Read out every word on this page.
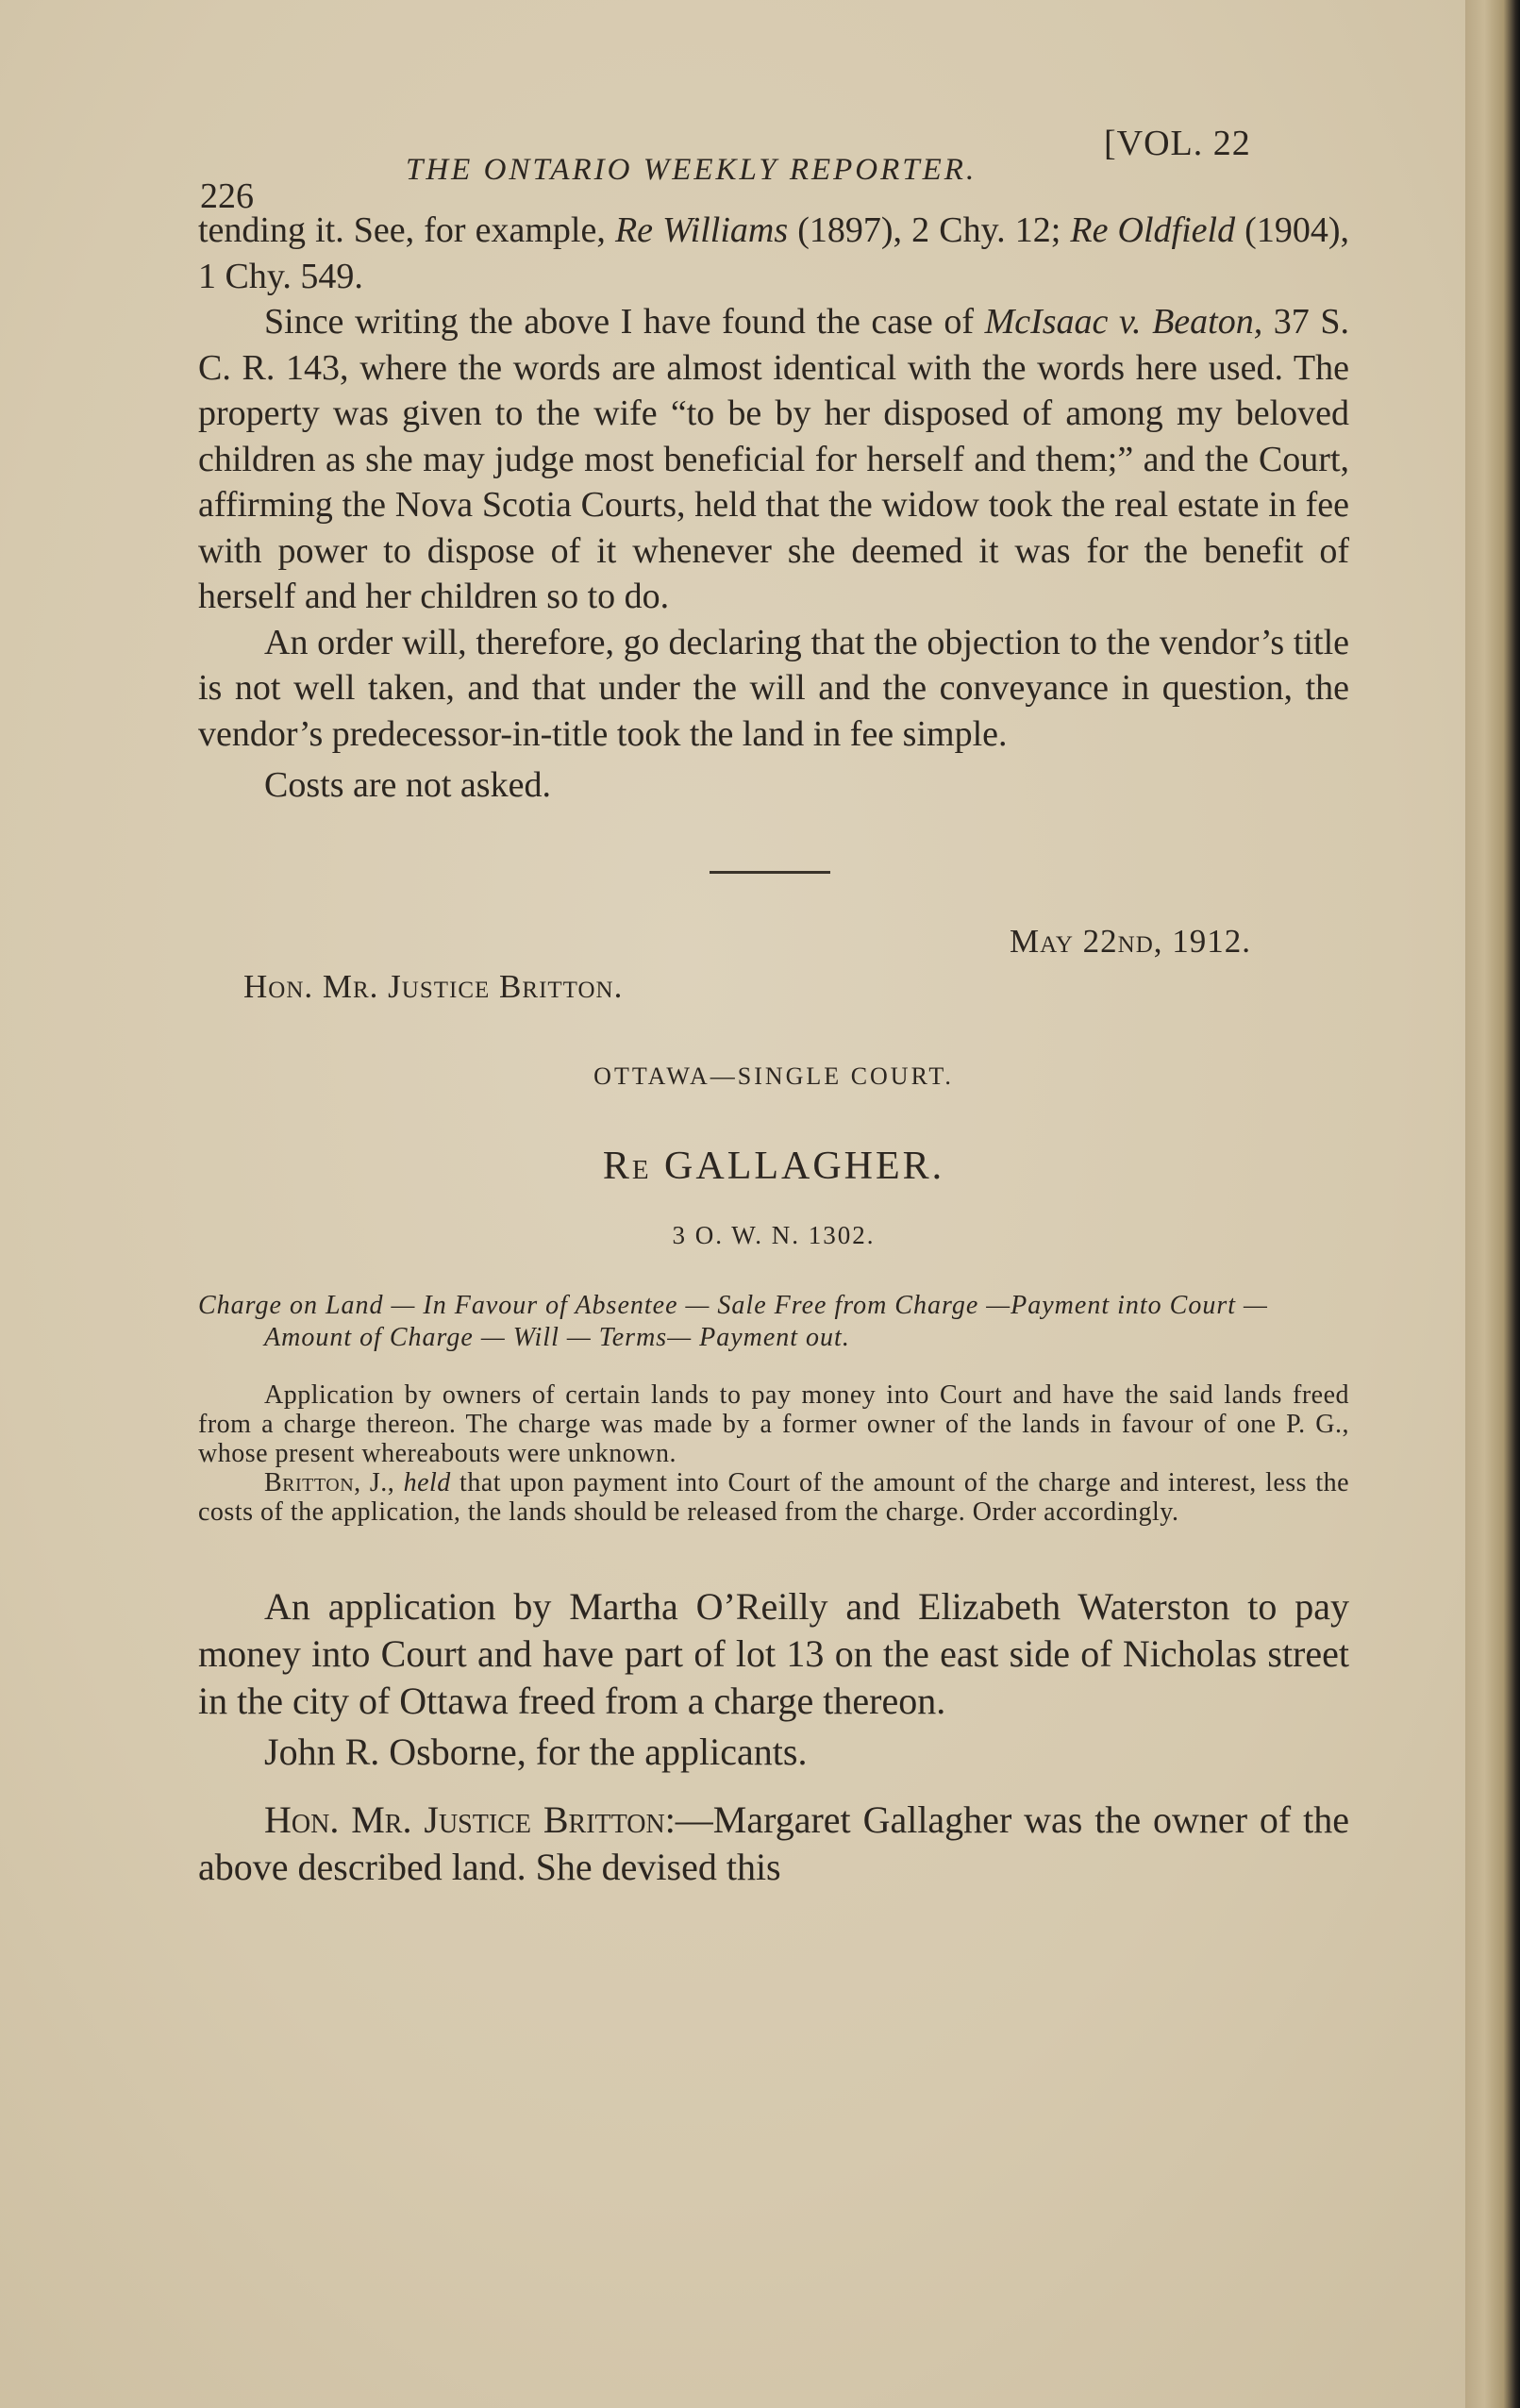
226
THE ONTARIO WEEKLY REPORTER.
[VOL. 22

tending it. See, for example, Re Williams (1897), 2 Chy. 12; Re Oldfield (1904), 1 Chy. 549.

Since writing the above I have found the case of McIsaac v. Beaton, 37 S. C. R. 143, where the words are almost identical with the words here used. The property was given to the wife “to be by her disposed of among my beloved children as she may judge most beneficial for herself and them;” and the Court, affirming the Nova Scotia Courts, held that the widow took the real estate in fee with power to dispose of it whenever she deemed it was for the benefit of herself and her children so to do.

An order will, therefore, go declaring that the objection to the vendor’s title is not well taken, and that under the will and the conveyance in question, the vendor’s predecessor-in-title took the land in fee simple.

Costs are not asked.

Hon. Mr. Justice Britton.
May 22nd, 1912.
OTTAWA—SINGLE COURT.
Re GALLAGHER.
3 O. W. N. 1302.
Charge on Land — In Favour of Absentee — Sale Free from Charge —Payment into Court — Amount of Charge — Will — Terms— Payment out.

Application by owners of certain lands to pay money into Court and have the said lands freed from a charge thereon. The charge was made by a former owner of the lands in favour of one P. G., whose present whereabouts were unknown.

Britton, J., held that upon payment into Court of the amount of the charge and interest, less the costs of the application, the lands should be released from the charge. Order accordingly.

An application by Martha O’Reilly and Elizabeth Waterston to pay money into Court and have part of lot 13 on the east side of Nicholas street in the city of Ottawa freed from a charge thereon.

John R. Osborne, for the applicants.

Hon. Mr. Justice Britton:—Margaret Gallagher was the owner of the above described land. She devised this
